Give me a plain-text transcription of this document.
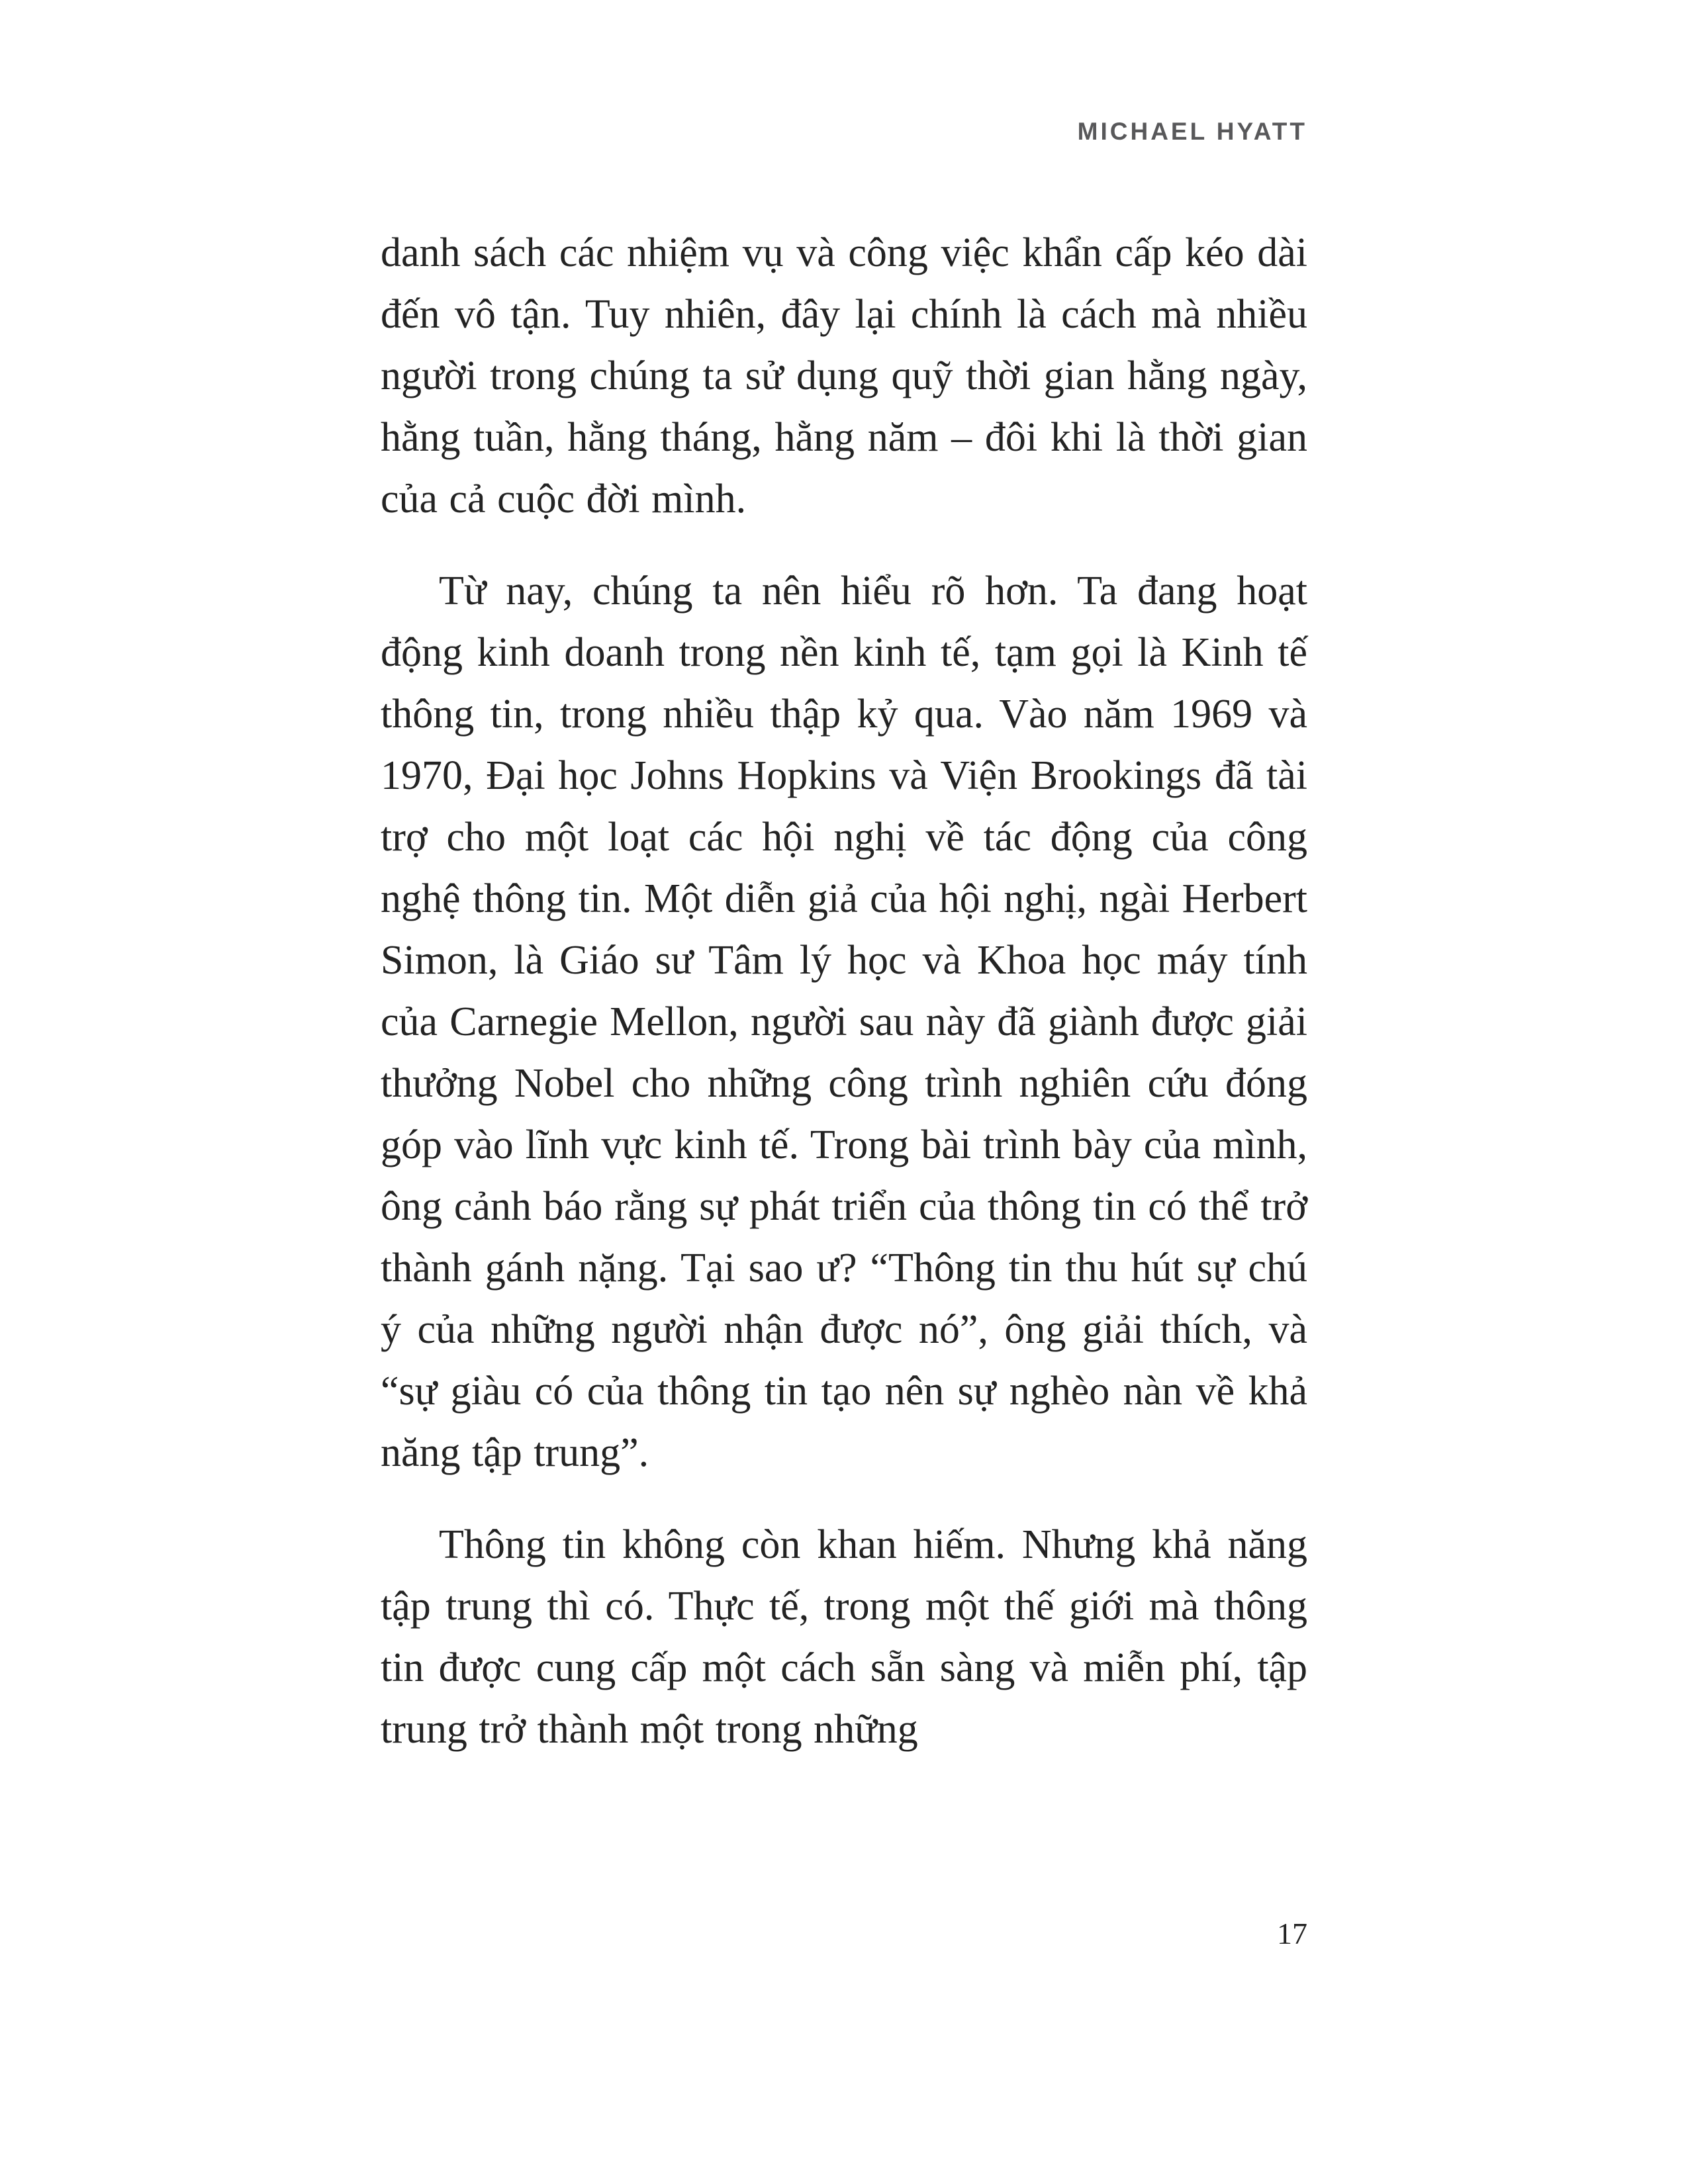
MICHAEL HYATT

danh sách các nhiệm vụ và công việc khẩn cấp kéo dài đến vô tận. Tuy nhiên, đây lại chính là cách mà nhiều người trong chúng ta sử dụng quỹ thời gian hằng ngày, hằng tuần, hằng tháng, hằng năm – đôi khi là thời gian của cả cuộc đời mình.

Từ nay, chúng ta nên hiểu rõ hơn. Ta đang hoạt động kinh doanh trong nền kinh tế, tạm gọi là Kinh tế thông tin, trong nhiều thập kỷ qua. Vào năm 1969 và 1970, Đại học Johns Hopkins và Viện Brookings đã tài trợ cho một loạt các hội nghị về tác động của công nghệ thông tin. Một diễn giả của hội nghị, ngài Herbert Simon, là Giáo sư Tâm lý học và Khoa học máy tính của Carnegie Mellon, người sau này đã giành được giải thưởng Nobel cho những công trình nghiên cứu đóng góp vào lĩnh vực kinh tế. Trong bài trình bày của mình, ông cảnh báo rằng sự phát triển của thông tin có thể trở thành gánh nặng. Tại sao ư? “Thông tin thu hút sự chú ý của những người nhận được nó”, ông giải thích, và “sự giàu có của thông tin tạo nên sự nghèo nàn về khả năng tập trung”.

Thông tin không còn khan hiếm. Nhưng khả năng tập trung thì có. Thực tế, trong một thế giới mà thông tin được cung cấp một cách sẵn sàng và miễn phí, tập trung trở thành một trong những

17
